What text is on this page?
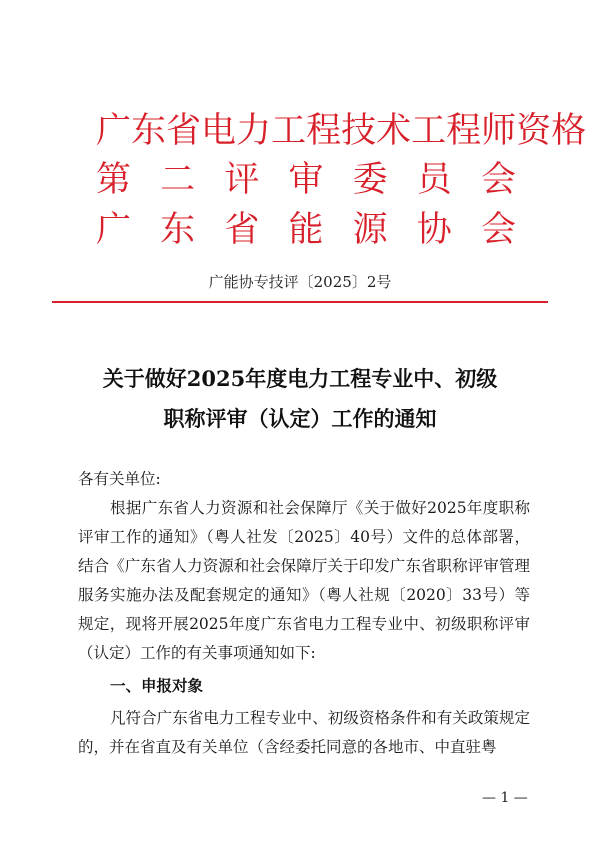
广 东 省 电 力 工 程 技 术 工 程 师 资 格
第 二 评 审 委 员 会
广 东 省 能 源 协 会
广能协专技评〔2025〕2号
关于做好2025年度电力工程专业中、初级
职称评审（认定）工作的通知
各有关单位:
根据广东省人力资源和社会保障厅《关于做好2025年度职称评审工作的通知》（粤人社发〔2025〕40号）文件的总体部署，结合《广东省人力资源和社会保障厅关于印发广东省职称评审管理服务实施办法及配套规定的通知》（粤人社规〔2020〕33号）等规定，现将开展2025年度广东省电力工程专业中、初级职称评审（认定）工作的有关事项通知如下:
一、申报对象
凡符合广东省电力工程专业中、初级资格条件和有关政策规定的，并在省直及有关单位（含经委托同意的各地市、中直驻粤
— 1 —
